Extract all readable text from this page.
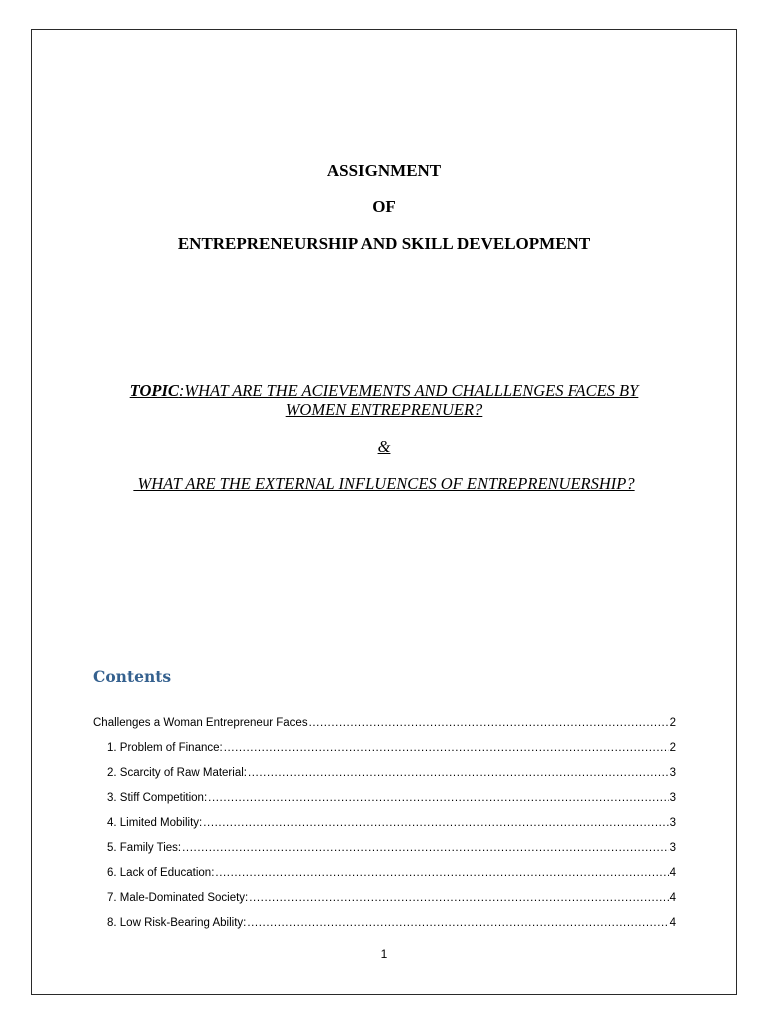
ASSIGNMENT
OF
ENTREPRENEURSHIP AND SKILL DEVELOPMENT
TOPIC:WHAT ARE THE ACIEVEMENTS AND CHALLLENGES FACES BY
WOMEN ENTREPRENUER?
&
WHAT ARE THE EXTERNAL INFLUENCES OF ENTREPRENUERSHIP?
Contents
Challenges a Woman Entrepreneur Faces .....	2
1. Problem of Finance: .....	2
2. Scarcity of Raw Material: .....	3
3. Stiff Competition: .....	3
4. Limited Mobility: .....	3
5. Family Ties: .....	3
6. Lack of Education: .....	4
7. Male-Dominated Society: .....	4
8. Low Risk-Bearing Ability: .....	4
1
